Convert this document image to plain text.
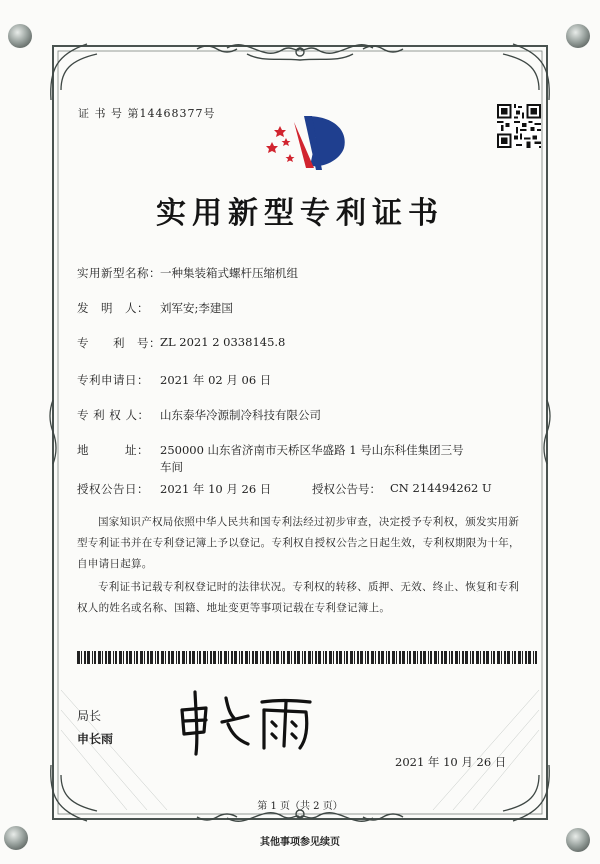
证 书 号 第14468377号
实用新型专利证书
实用新型名称： 一种集装箱式螺杆压缩机组
发　明　人： 刘军安;李建国
专　　利　号： ZL 2021 2 0338145.8
专利申请日： 2021 年 02 月 06 日
专 利 权 人： 山东泰华冷源制冷科技有限公司
地　　　址： 250000 山东省济南市天桥区华盛路 1 号山东科佳集团三号
车间
授权公告日： 2021 年 10 月 26 日	授权公告号： CN 214494262 U
国家知识产权局依照中华人民共和国专利法经过初步审查，决定授予专利权，颁发实用新型专利证书并在专利登记簿上予以登记。专利权自授权公告之日起生效，专利权期限为十年，自申请日起算。
专利证书记载专利权登记时的法律状况。专利权的转移、质押、无效、终止、恢复和专利权人的姓名或名称、国籍、地址变更等事项记载在专利登记簿上。
局长
申长雨
2021 年 10 月 26 日
第 1 页（共 2 页）
其他事项参见续页
